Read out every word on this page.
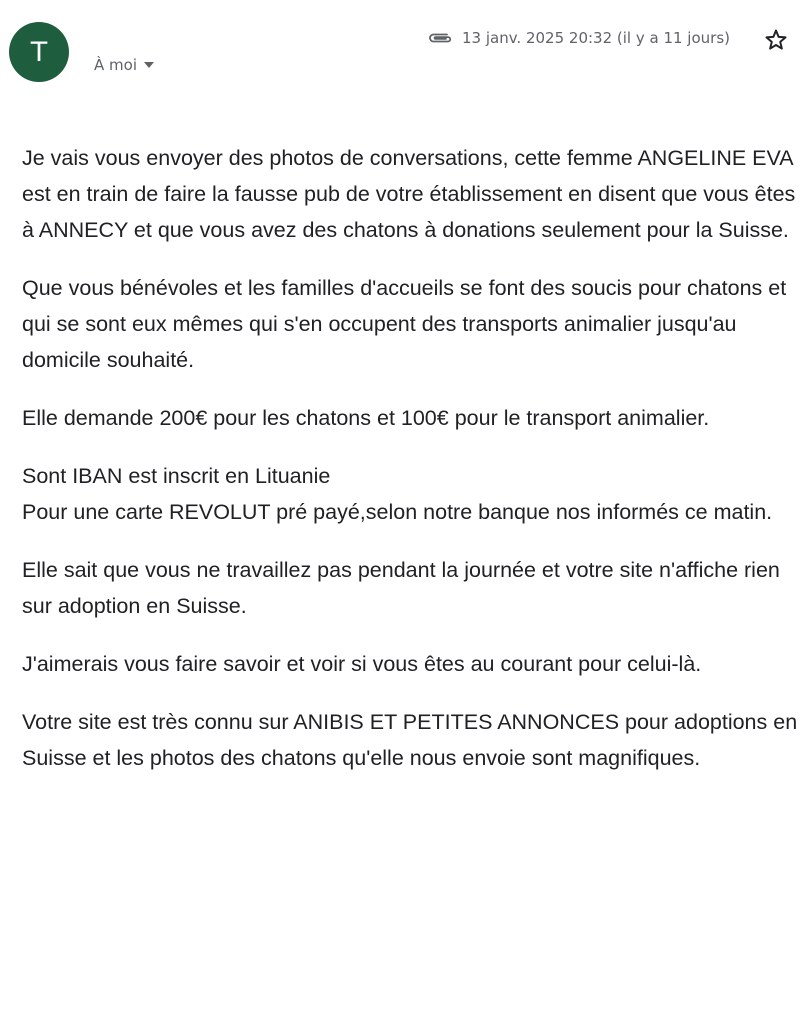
T	À moi
13 janv. 2025 20:32 (il y a 11 jours)

Je vais vous envoyer des photos de conversations, cette femme ANGELINE EVA est en train de faire la fausse pub de votre établissement en disent que vous êtes à ANNECY et que vous avez des chatons à donations seulement pour la Suisse.

Que vous bénévoles et les familles d'accueils se font des soucis pour chatons et qui se sont eux mêmes qui s'en occupent des transports animalier jusqu'au domicile souhaité.

Elle demande 200€ pour les chatons et 100€ pour le transport animalier.

Sont IBAN est inscrit en Lituanie
Pour une carte REVOLUT pré payé,selon notre banque nos informés ce matin.

Elle sait que vous ne travaillez pas pendant la journée et votre site n'affiche rien sur adoption en Suisse.

J'aimerais vous faire savoir et voir si vous êtes au courant pour celui-là.

Votre site est très connu sur ANIBIS ET PETITES ANNONCES pour adoptions en Suisse et les photos des chatons qu'elle nous envoie sont magnifiques.
